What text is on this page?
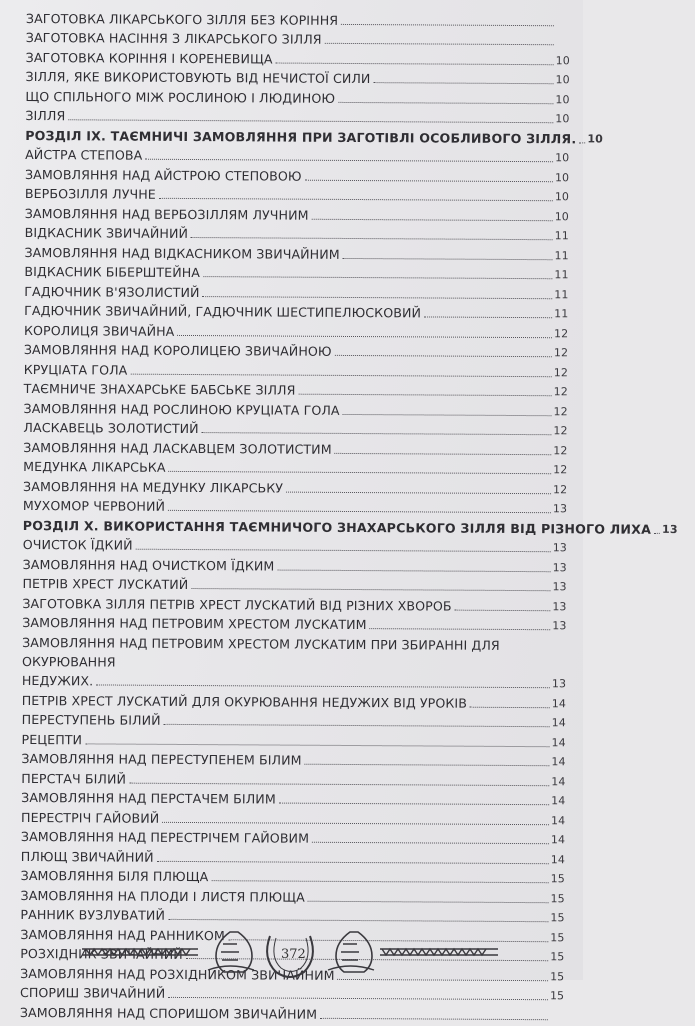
ЗАГОТОВКА ЛІКАРСЬКОГО ЗІЛЛЯ БЕЗ КОРІННЯ
ЗАГОТОВКА НАСІННЯ З ЛІКАРСЬКОГО ЗІЛЛЯ
ЗАГОТОВКА КОРІННЯ І КОРЕНЕВИЩА	10
ЗІЛЛЯ, ЯКЕ ВИКОРИСТОВУЮТЬ ВІД НЕЧИСТОЇ СИЛИ	10
ЩО СПІЛЬНОГО МІЖ РОСЛИНОЮ І ЛЮДИНОЮ	10
ЗІЛЛЯ	10
РОЗДІЛ IX. ТАЄМНИЧІ ЗАМОВЛЯННЯ ПРИ ЗАГОТІВЛІ ОСОБЛИВОГО ЗІЛЛЯ. 10
АЙСТРА СТЕПОВА	10
ЗАМОВЛЯННЯ НАД АЙСТРОЮ СТЕПОВОЮ	10
ВЕРБОЗІЛЛЯ ЛУЧНЕ	10
ЗАМОВЛЯННЯ НАД ВЕРБОЗІЛЛЯМ ЛУЧНИМ	10
ВІДКАСНИК ЗВИЧАЙНИЙ	11
ЗАМОВЛЯННЯ НАД ВІДКАСНИКОМ ЗВИЧАЙНИМ	11
ВІДКАСНИК БІБЕРШТЕЙНА	11
ГАДЮЧНИК В'ЯЗОЛИСТИЙ	11
ГАДЮЧНИК ЗВИЧАЙНИЙ, ГАДЮЧНИК ШЕСТИПЕЛЮСКОВИЙ	11
КОРОЛИЦЯ ЗВИЧАЙНА	12
ЗАМОВЛЯННЯ НАД КОРОЛИЦЕЮ ЗВИЧАЙНОЮ	12
КРУЦІАТА ГОЛА	12
ТАЄМНИЧЕ ЗНАХАРСЬКЕ БАБСЬКЕ ЗІЛЛЯ	12
ЗАМОВЛЯННЯ НАД РОСЛИНОЮ КРУЦІАТА ГОЛА	12
ЛАСКАВЕЦЬ ЗОЛОТИСТИЙ	12
ЗАМОВЛЯННЯ НАД ЛАСКАВЦЕМ ЗОЛОТИСТИМ	12
МЕДУНКА ЛІКАРСЬКА	12
ЗАМОВЛЯННЯ НА МЕДУНКУ ЛІКАРСЬКУ	12
МУХОМОР ЧЕРВОНИЙ	13
РОЗДІЛ X. ВИКОРИСТАННЯ ТАЄМНИЧОГО ЗНАХАРСЬКОГО ЗІЛЛЯ ВІД РІЗНОГО ЛИХА 13
ОЧИСТОК ЇДКИЙ	13
ЗАМОВЛЯННЯ НАД ОЧИСТКОМ ЇДКИМ	13
ПЕТРІВ ХРЕСТ ЛУСКАТИЙ	13
ЗАГОТОВКА ЗІЛЛЯ ПЕТРІВ ХРЕСТ ЛУСКАТИЙ ВІД РІЗНИХ ХВОРОБ	13
ЗАМОВЛЯННЯ НАД ПЕТРОВИМ ХРЕСТОМ ЛУСКАТИМ	13
ЗАМОВЛЯННЯ НАД ПЕТРОВИМ ХРЕСТОМ ЛУСКАТИМ ПРИ ЗБИРАННІ ДЛЯ ОКУРЮВАННЯ
НЕДУЖИХ.	13
ПЕТРІВ ХРЕСТ ЛУСКАТИЙ ДЛЯ ОКУРЮВАННЯ НЕДУЖИХ ВІД УРОКІВ	14
ПЕРЕСТУПЕНЬ БІЛИЙ	14
РЕЦЕПТИ	14
ЗАМОВЛЯННЯ НАД ПЕРЕСТУПЕНЕМ БІЛИМ	14
ПЕРСТАЧ БІЛИЙ	14
ЗАМОВЛЯННЯ НАД ПЕРСТАЧЕМ БІЛИМ	14
ПЕРЕСТРІЧ ГАЙОВИЙ	14
ЗАМОВЛЯННЯ НАД ПЕРЕСТРІЧЕМ ГАЙОВИМ	14
ПЛЮЩ ЗВИЧАЙНИЙ	14
ЗАМОВЛЯННЯ БІЛЯ ПЛЮЩА	15
ЗАМОВЛЯННЯ НА ПЛОДИ І ЛИСТЯ ПЛЮЩА	15
РАННИК ВУЗЛУВАТИЙ	15
ЗАМОВЛЯННЯ НАД РАННИКОМ	15
РОЗХІДНИК ЗВИЧАЙНИЙ	15
ЗАМОВЛЯННЯ НАД РОЗХІДНИКОМ ЗВИЧАЙНИМ	15
СПОРИШ ЗВИЧАЙНИЙ	15
ЗАМОВЛЯННЯ НАД СПОРИШОМ ЗВИЧАЙНИМ
372
